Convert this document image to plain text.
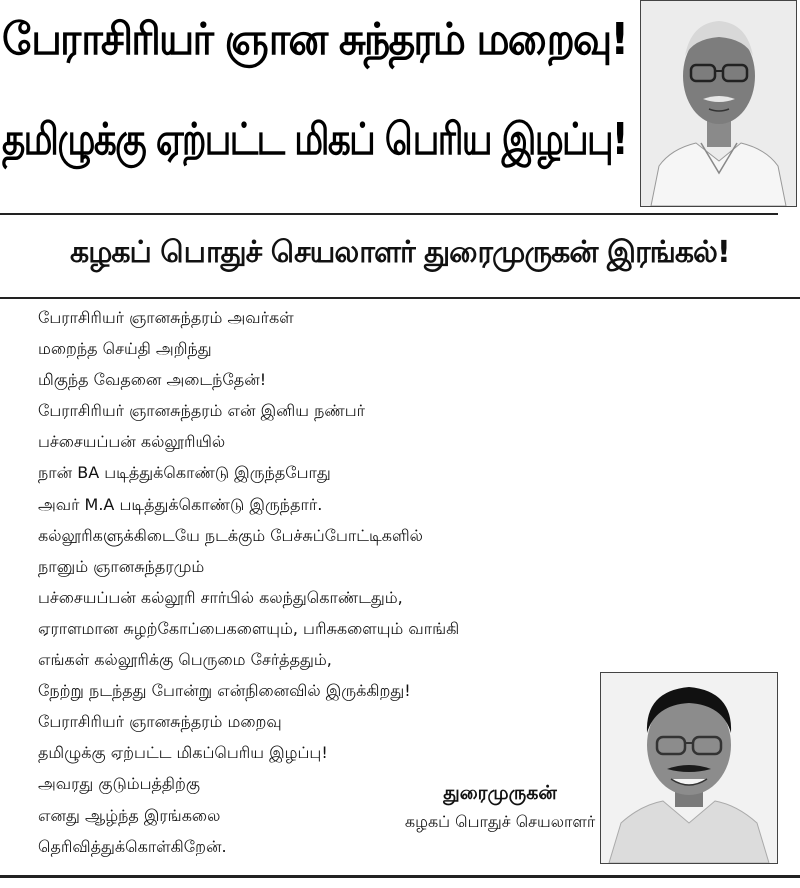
பேராசிரியர் ஞான சுந்தரம் மறைவு!
தமிழுக்கு ஏற்பட்ட மிகப் பெரிய இழப்பு!
கழகப் பொதுச் செயலாளர் துரைமுருகன் இரங்கல்!
பேராசிரியர் ஞானசுந்தரம் அவர்கள்
மறைந்த செய்தி அறிந்து
மிகுந்த வேதனை அடைந்தேன்!
பேராசிரியர் ஞானசுந்தரம் என் இனிய நண்பர்
பச்சையப்பன் கல்லூரியில்
நான் BA படித்துக்கொண்டு இருந்தபோது
அவர் M.A படித்துக்கொண்டு இருந்தார்.
கல்லூரிகளுக்கிடையே நடக்கும் பேச்சுப்போட்டிகளில்
நானும் ஞானசுந்தரமும்
பச்சையப்பன் கல்லூரி சார்பில் கலந்துகொண்டதும்,
ஏராளமான சுழற்கோப்பைகளையும், பரிசுகளையும் வாங்கி
எங்கள் கல்லூரிக்கு பெருமை சேர்த்ததும்,
நேற்று நடந்தது போன்று என்நினைவில் இருக்கிறது!
பேராசிரியர் ஞானசுந்தரம் மறைவு
தமிழுக்கு ஏற்பட்ட மிகப்பெரிய இழப்பு!
அவரது குடும்பத்திற்கு
எனது ஆழ்ந்த இரங்கலை
தெரிவித்துக்கொள்கிறேன்.
துரைமுருகன்
கழகப் பொதுச் செயலாளர்
